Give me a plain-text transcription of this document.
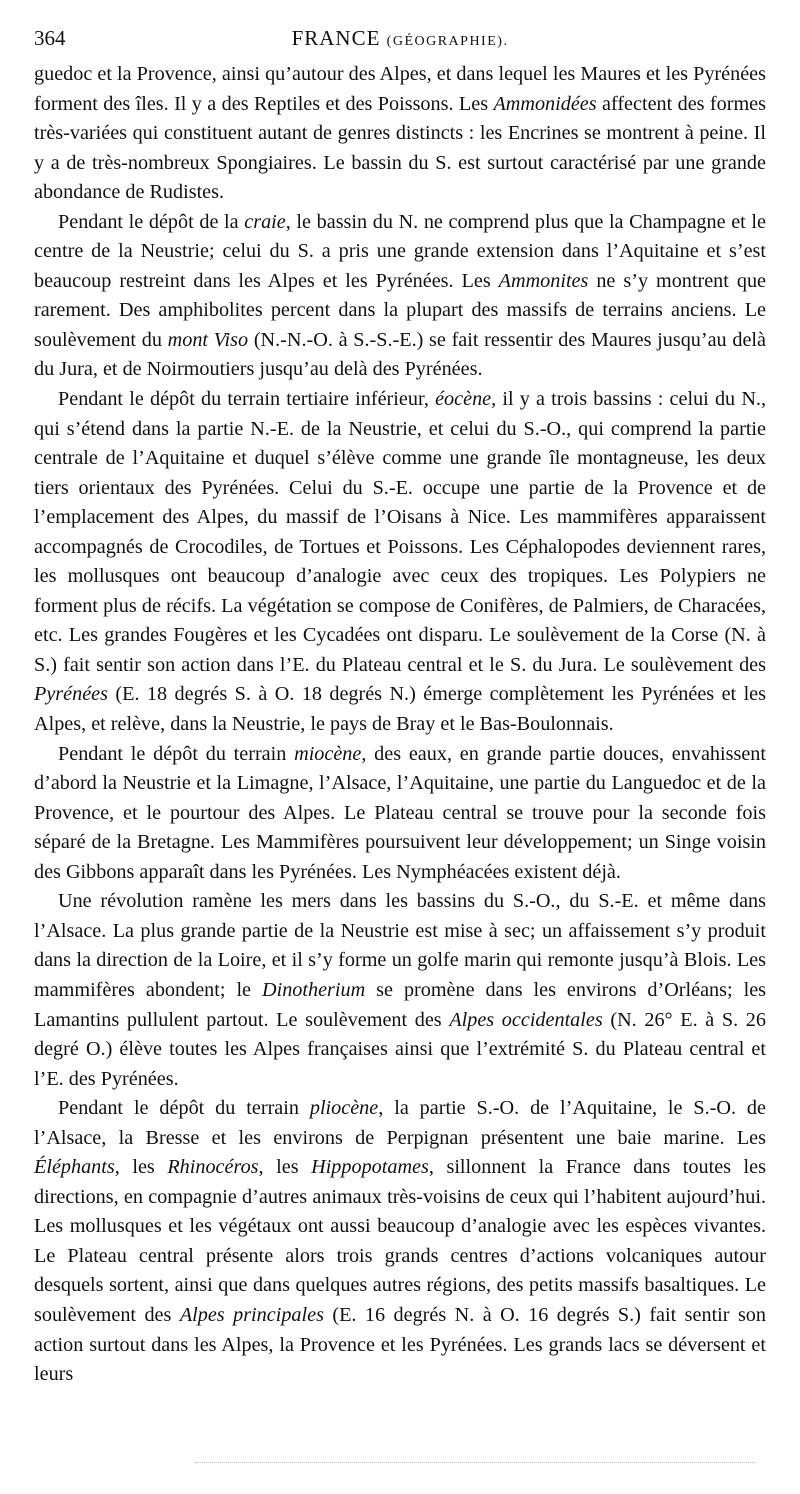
364	FRANCE (GÉOGRAPHIE).

guedoc et la Provence, ainsi qu’autour des Alpes, et dans lequel les Maures et les Pyrénées forment des îles. Il y a des Reptiles et des Poissons. Les Ammonidées affectent des formes très-variées qui constituent autant de genres distincts : les Encrines se montrent à peine. Il y a de très-nombreux Spongiaires. Le bassin du S. est surtout caractérisé par une grande abondance de Rudistes.

Pendant le dépôt de la craie, le bassin du N. ne comprend plus que la Champagne et le centre de la Neustrie; celui du S. a pris une grande extension dans l’Aquitaine et s’est beaucoup restreint dans les Alpes et les Pyrénées. Les Ammonites ne s’y montrent que rarement. Des amphibolites percent dans la plupart des massifs de terrains anciens. Le soulèvement du mont Viso (N.-N.-O. à S.-S.-E.) se fait ressentir des Maures jusqu’au delà du Jura, et de Noirmoutiers jusqu’au delà des Pyrénées.

Pendant le dépôt du terrain tertiaire inférieur, éocène, il y a trois bassins : celui du N., qui s’étend dans la partie N.-E. de la Neustrie, et celui du S.-O., qui comprend la partie centrale de l’Aquitaine et duquel s’élève comme une grande île montagneuse, les deux tiers orientaux des Pyrénées. Celui du S.-E. occupe une partie de la Provence et de l’emplacement des Alpes, du massif de l’Oisans à Nice. Les mammifères apparaissent accompagnés de Crocodiles, de Tortues et Poissons. Les Céphalopodes deviennent rares, les mollusques ont beaucoup d’analogie avec ceux des tropiques. Les Polypiers ne forment plus de récifs. La végétation se compose de Conifères, de Palmiers, de Characées, etc. Les grandes Fougères et les Cycadées ont disparu. Le soulèvement de la Corse (N. à S.) fait sentir son action dans l’E. du Plateau central et le S. du Jura. Le soulèvement des Pyrénées (E. 18 degrés S. à O. 18 degrés N.) émerge complètement les Pyrénées et les Alpes, et relève, dans la Neustrie, le pays de Bray et le Bas-Boulonnais.

Pendant le dépôt du terrain miocène, des eaux, en grande partie douces, envahissent d’abord la Neustrie et la Limagne, l’Alsace, l’Aquitaine, une partie du Languedoc et de la Provence, et le pourtour des Alpes. Le Plateau central se trouve pour la seconde fois séparé de la Bretagne. Les Mammifères poursuivent leur développement; un Singe voisin des Gibbons apparaît dans les Pyrénées. Les Nymphéacées existent déjà.

Une révolution ramène les mers dans les bassins du S.-O., du S.-E. et même dans l’Alsace. La plus grande partie de la Neustrie est mise à sec; un affaissement s’y produit dans la direction de la Loire, et il s’y forme un golfe marin qui remonte jusqu’à Blois. Les mammifères abondent; le Dinotherium se promène dans les environs d’Orléans; les Lamantins pullulent partout. Le soulèvement des Alpes occidentales (N. 26° E. à S. 26 degré O.) élève toutes les Alpes françaises ainsi que l’extrémité S. du Plateau central et l’E. des Pyrénées.

Pendant le dépôt du terrain pliocène, la partie S.-O. de l’Aquitaine, le S.-O. de l’Alsace, la Bresse et les environs de Perpignan présentent une baie marine. Les Éléphants, les Rhinocéros, les Hippopotames, sillonnent la France dans toutes les directions, en compagnie d’autres animaux très-voisins de ceux qui l’habitent aujourd’hui. Les mollusques et les végétaux ont aussi beaucoup d’analogie avec les espèces vivantes. Le Plateau central présente alors trois grands centres d’actions volcaniques autour desquels sortent, ainsi que dans quelques autres régions, des petits massifs basaltiques. Le soulèvement des Alpes principales (E. 16 degrés N. à O. 16 degrés S.) fait sentir son action surtout dans les Alpes, la Provence et les Pyrénées. Les grands lacs se déversent et leurs
